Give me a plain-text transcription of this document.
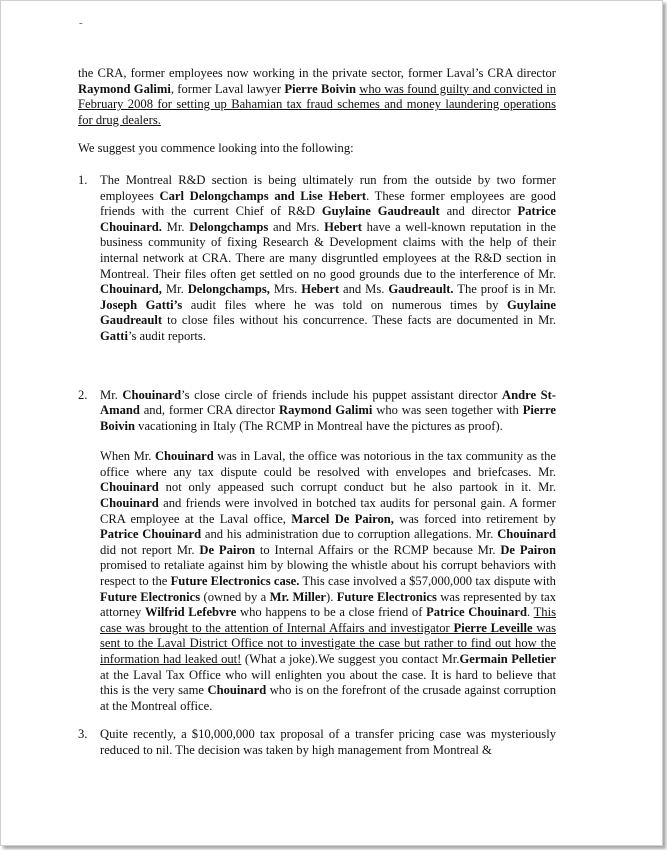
-

the CRA, former employees now working in the private sector, former Laval’s CRA director Raymond Galimi, former Laval lawyer Pierre Boivin who was found guilty and convicted in February 2008 for setting up Bahamian tax fraud schemes and money laundering operations for drug dealers.

We suggest you commence looking into the following:

1. The Montreal R&D section is being ultimately run from the outside by two former employees Carl Delongchamps and Lise Hebert. These former employees are good friends with the current Chief of R&D Guylaine Gaudreault and director Patrice Chouinard. Mr. Delongchamps and Mrs. Hebert have a well-known reputation in the business community of fixing Research & Development claims with the help of their internal network at CRA. There are many disgruntled employees at the R&D section in Montreal. Their files often get settled on no good grounds due to the interference of Mr. Chouinard, Mr. Delongchamps, Mrs. Hebert and Ms. Gaudreault. The proof is in Mr. Joseph Gatti’s audit files where he was told on numerous times by Guylaine Gaudreault to close files without his concurrence. These facts are documented in Mr. Gatti’s audit reports.

2. Mr. Chouinard’s close circle of friends include his puppet assistant director Andre St-Amand and, former CRA director Raymond Galimi who was seen together with Pierre Boivin vacationing in Italy (The RCMP in Montreal have the pictures as proof).

When Mr. Chouinard was in Laval, the office was notorious in the tax community as the office where any tax dispute could be resolved with envelopes and briefcases. Mr. Chouinard not only appeased such corrupt conduct but he also partook in it. Mr. Chouinard and friends were involved in botched tax audits for personal gain. A former CRA employee at the Laval office, Marcel De Pairon, was forced into retirement by Patrice Chouinard and his administration due to corruption allegations. Mr. Chouinard did not report Mr. De Pairon to Internal Affairs or the RCMP because Mr. De Pairon promised to retaliate against him by blowing the whistle about his corrupt behaviors with respect to the Future Electronics case. This case involved a $57,000,000 tax dispute with Future Electronics (owned by a Mr. Miller). Future Electronics was represented by tax attorney Wilfrid Lefebvre who happens to be a close friend of Patrice Chouinard. This case was brought to the attention of Internal Affairs and investigator Pierre Leveille was sent to the Laval District Office not to investigate the case but rather to find out how the information had leaked out! (What a joke).We suggest you contact Mr.Germain Pelletier at the Laval Tax Office who will enlighten you about the case. It is hard to believe that this is the very same Chouinard who is on the forefront of the crusade against corruption at the Montreal office.

3. Quite recently, a $10,000,000 tax proposal of a transfer pricing case was mysteriously reduced to nil. The decision was taken by high management from Montreal &
